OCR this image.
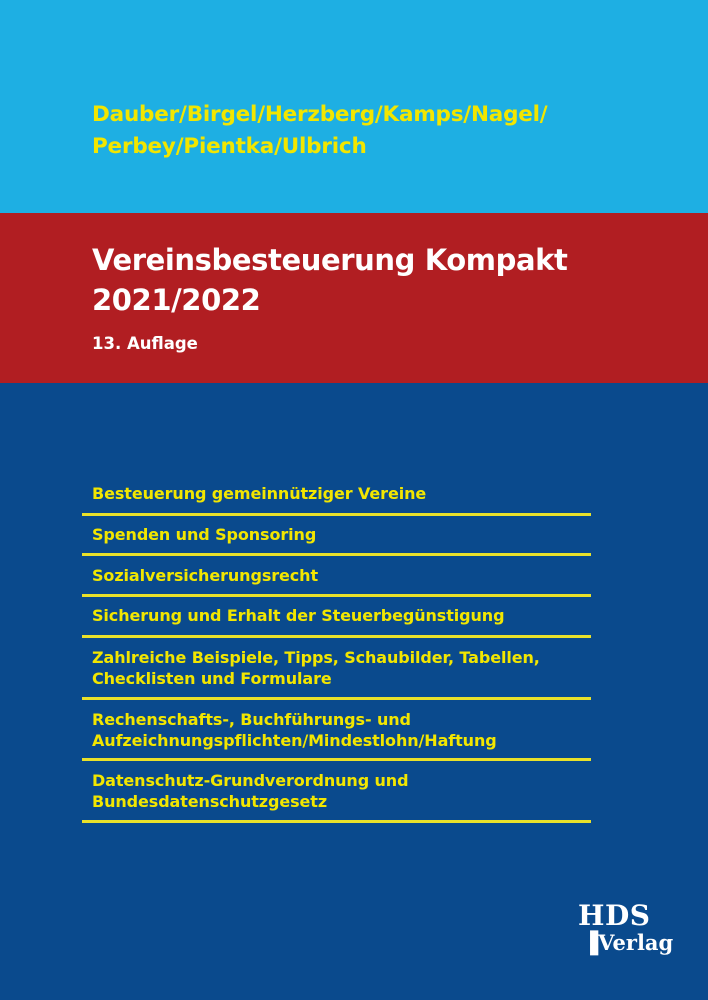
Dauber/Birgel/Herzberg/Kamps/Nagel/
Perbey/Pientka/Ulbrich
Vereinsbesteuerung Kompakt
2021/2022
13. Auflage
Besteuerung gemeinnütziger Vereine
Spenden und Sponsoring
Sozialversicherungsrecht
Sicherung und Erhalt der Steuerbegünstigung
Zahlreiche Beispiele, Tipps, Schaubilder, Tabellen,
Checklisten und Formulare
Rechenschafts-, Buchführungs- und
Aufzeichnungspflichten/Mindestlohn/Haftung
Datenschutz-Grundverordnung und
Bundesdatenschutzgesetz
HDS
▐Verlag
